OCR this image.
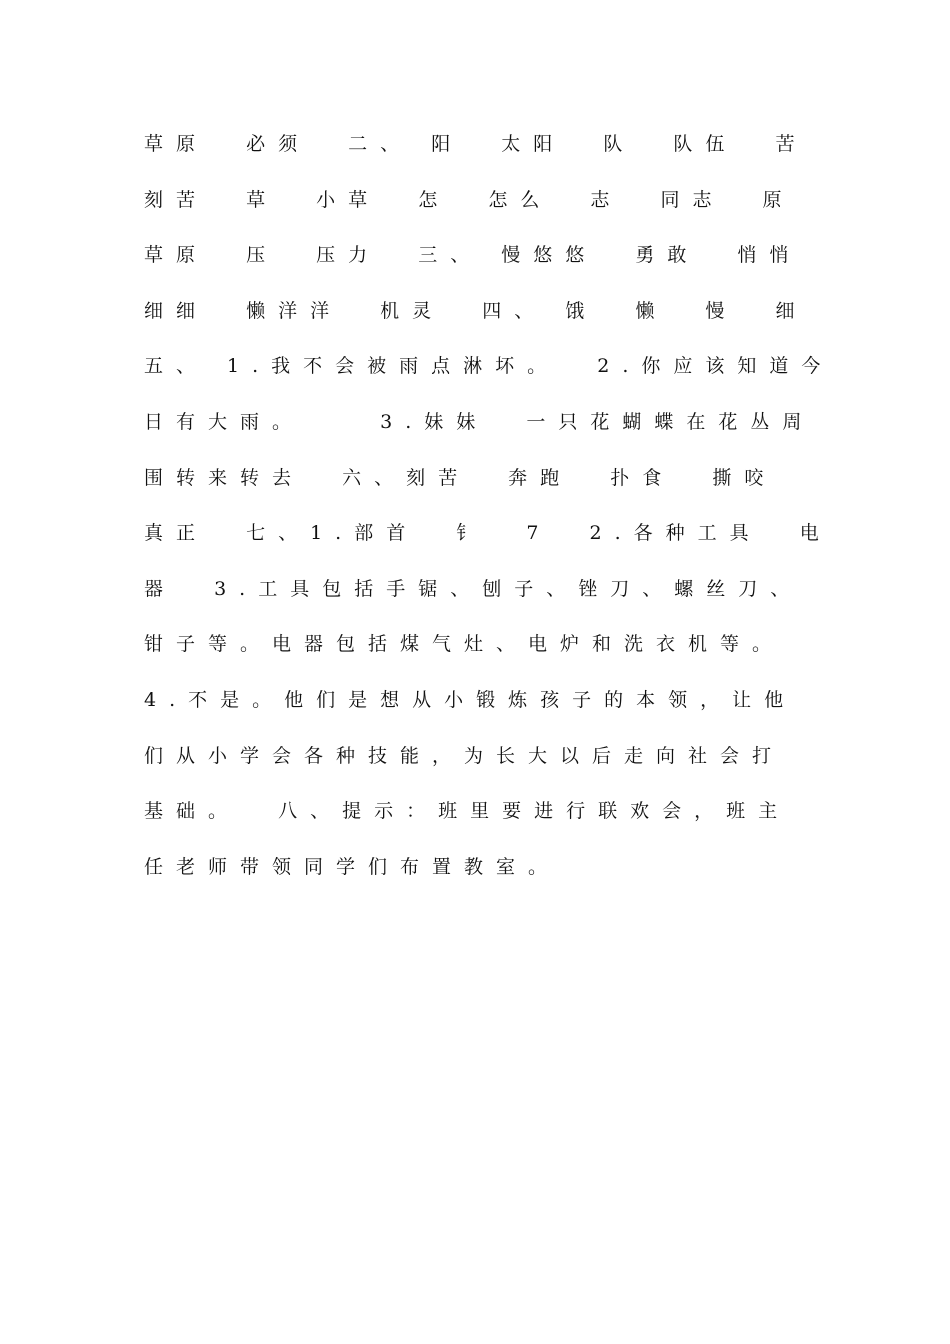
草原  必须  二、 阳  太阳  队  队伍  苦
刻苦  草  小草  怎  怎么  志  同志  原
草原  压  压力  三、 慢悠悠  勇敢  悄悄
细细  懒洋洋  机灵  四、 饿  懒  慢  细
五、 1.我不会被雨点淋坏。  2.你应该知道今
日有大雨。    3.妹妹  一只花蝴蝶在花丛周
围转来转去  六、刻苦  奔跑  扑食  撕咬
真正  七、1.部首  钅  7  2.各种工具  电
器  3.工具包括手锯、刨子、锉刀、螺丝刀、
钳子等。电器包括煤气灶、电炉和洗衣机等。
4.不是。他们是想从小锻炼孩子的本领，让他
们从小学会各种技能，为长大以后走向社会打
基础。  八、提示：班里要进行联欢会，班主
任老师带领同学们布置教室。
